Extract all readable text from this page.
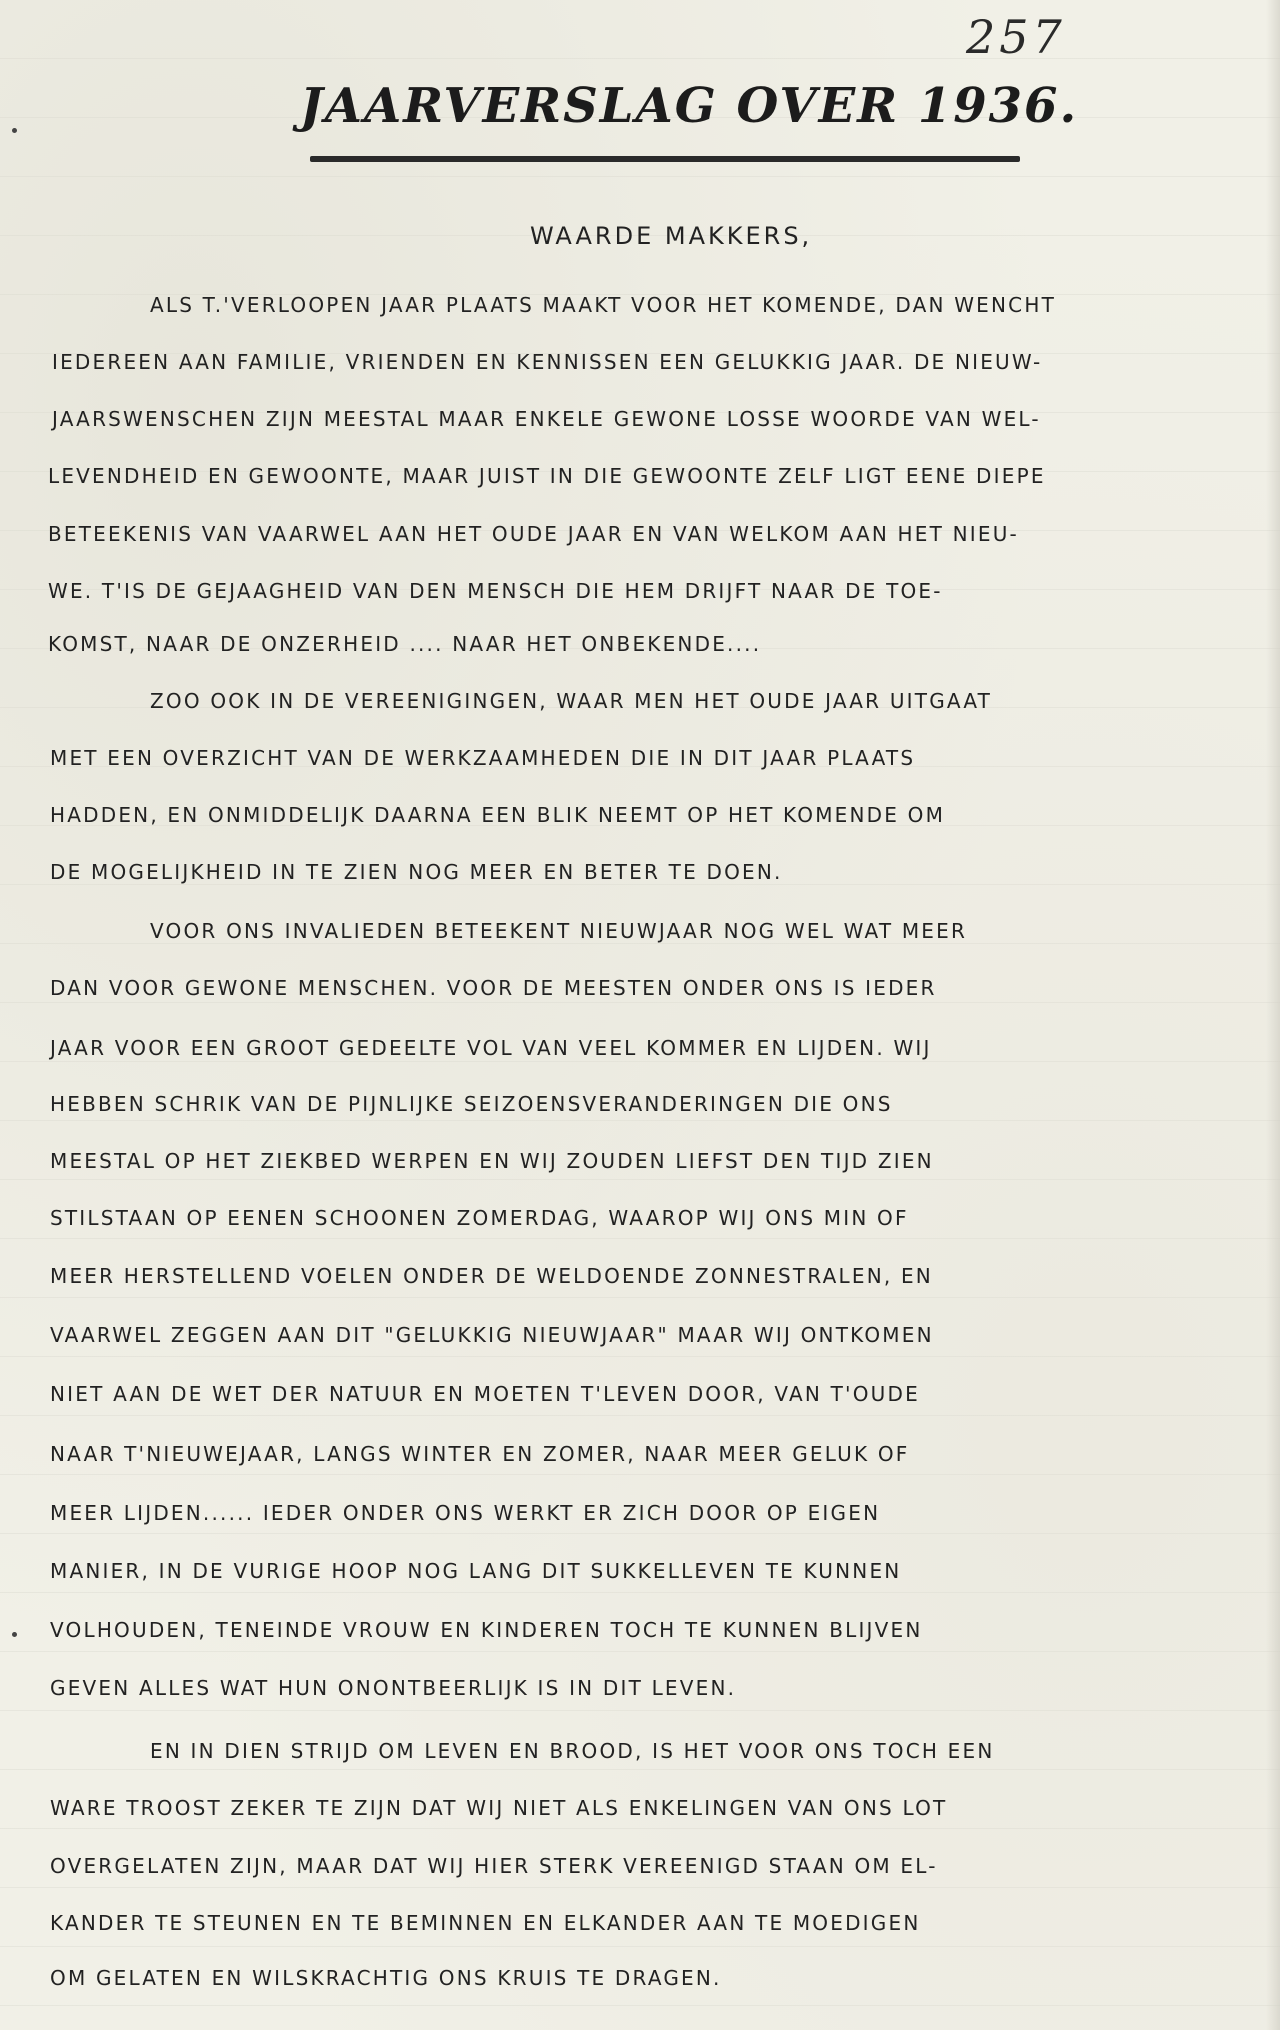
257
JAARVERSLAG OVER 1936.
WAARDE MAKKERS,
ALS T.'VERLOOPEN JAAR PLAATS MAAKT VOOR HET KOMENDE, DAN WENCHT
IEDEREEN AAN FAMILIE, VRIENDEN EN KENNISSEN EEN GELUKKIG JAAR. DE NIEUW-
JAARSWENSCHEN ZIJN MEESTAL MAAR ENKELE GEWONE LOSSE WOORDE VAN WEL-
LEVENDHEID EN GEWOONTE, MAAR JUIST IN DIE GEWOONTE ZELF LIGT EENE DIEPE
BETEEKENIS VAN VAARWEL AAN HET OUDE JAAR EN VAN WELKOM AAN HET NIEU-
WE. T'IS DE GEJAAGHEID VAN DEN MENSCH DIE HEM DRIJFT NAAR DE TOE-
KOMST, NAAR DE ONZERHEID .... NAAR HET ONBEKENDE....
ZOO OOK IN DE VEREENIGINGEN, WAAR MEN HET OUDE JAAR UITGAAT
MET EEN OVERZICHT VAN DE WERKZAAMHEDEN DIE IN DIT JAAR PLAATS
HADDEN, EN ONMIDDELIJK DAARNA EEN BLIK NEEMT OP HET KOMENDE OM
DE MOGELIJKHEID IN TE ZIEN NOG MEER EN BETER TE DOEN.
VOOR ONS INVALIEDEN BETEEKENT NIEUWJAAR NOG WEL WAT MEER
DAN VOOR GEWONE MENSCHEN. VOOR DE MEESTEN ONDER ONS IS IEDER
JAAR VOOR EEN GROOT GEDEELTE VOL VAN VEEL KOMMER EN LIJDEN. WIJ
HEBBEN SCHRIK VAN DE PIJNLIJKE SEIZOENSVERANDERINGEN DIE ONS
MEESTAL OP HET ZIEKBED WERPEN EN WIJ ZOUDEN LIEFST DEN TIJD ZIEN
STILSTAAN OP EENEN SCHOONEN ZOMERDAG, WAAROP WIJ ONS MIN OF
MEER HERSTELLEND VOELEN ONDER DE WELDOENDE ZONNESTRALEN, EN
VAARWEL ZEGGEN AAN DIT "GELUKKIG NIEUWJAAR" MAAR WIJ ONTKOMEN
NIET AAN DE WET DER NATUUR EN MOETEN T'LEVEN DOOR, VAN T'OUDE
NAAR T'NIEUWEJAAR, LANGS WINTER EN ZOMER, NAAR MEER GELUK OF
MEER LIJDEN...... IEDER ONDER ONS WERKT ER ZICH DOOR OP EIGEN
MANIER, IN DE VURIGE HOOP NOG LANG DIT SUKKELLEVEN TE KUNNEN
VOLHOUDEN, TENEINDE VROUW EN KINDEREN TOCH TE KUNNEN BLIJVEN
GEVEN ALLES WAT HUN ONONTBEERLIJK IS IN DIT LEVEN.
EN IN DIEN STRIJD OM LEVEN EN BROOD, IS HET VOOR ONS TOCH EEN
WARE TROOST ZEKER TE ZIJN DAT WIJ NIET ALS ENKELINGEN VAN ONS LOT
OVERGELATEN ZIJN, MAAR DAT WIJ HIER STERK VEREENIGD STAAN OM EL-
KANDER TE STEUNEN EN TE BEMINNEN EN ELKANDER AAN TE MOEDIGEN
OM GELATEN EN WILSKRACHTIG ONS KRUIS TE DRAGEN.
